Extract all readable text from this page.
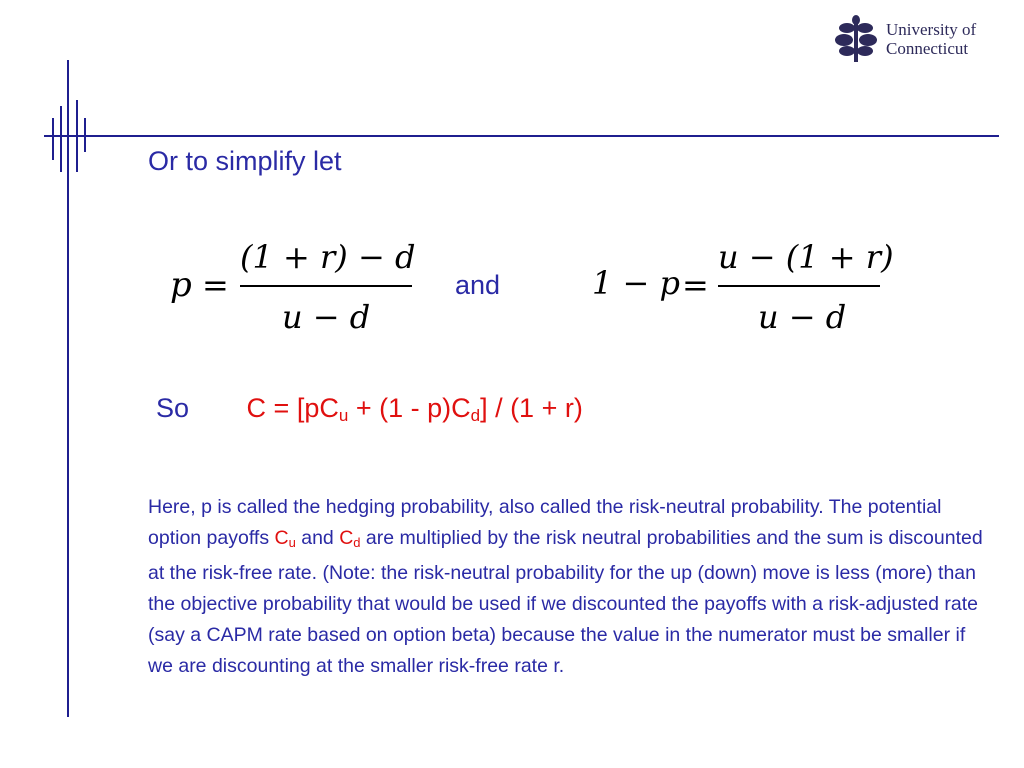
University of
Connecticut
Or to simplify let
p =
(1 + r) − d
u − d
and	1 − p =
u − (1 + r)
u − d
So $C = [pC_u + (1 - p)C_d] / (1 + r)$
Here, p is called the hedging probability, also called the risk-neutral probability. The potential option payoffs $C_u$ and $C_d$ are multiplied by the risk neutral probabilities and the sum is discounted at the risk-free rate. (Note: the risk-neutral probability for the up (down) move is less (more) than the objective probability that would be used if we discounted the payoffs with a risk-adjusted rate (say a CAPM rate based on option beta) because the value in the numerator must be smaller if we are discounting at the smaller risk-free rate r.
